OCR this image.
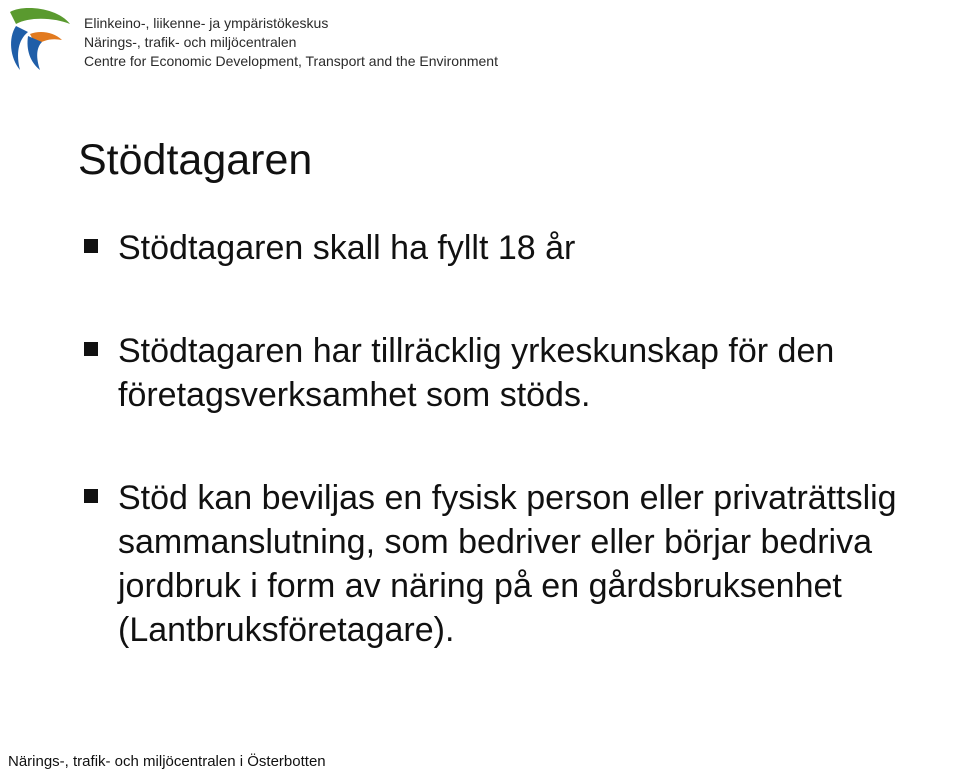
Elinkeino-, liikenne- ja ympäristökeskus
Närings-, trafik- och miljöcentralen
Centre for Economic Development, Transport and the Environment
Stödtagaren
Stödtagaren skall ha fyllt 18 år
Stödtagaren har tillräcklig yrkeskunskap för den företagsverksamhet som stöds.
Stöd kan beviljas en fysisk person eller privaträttslig sammanslutning, som bedriver eller börjar bedriva jordbruk i form av näring på en gårdsbruksenhet (Lantbruksföretagare).
Närings-, trafik- och miljöcentralen i Österbotten
